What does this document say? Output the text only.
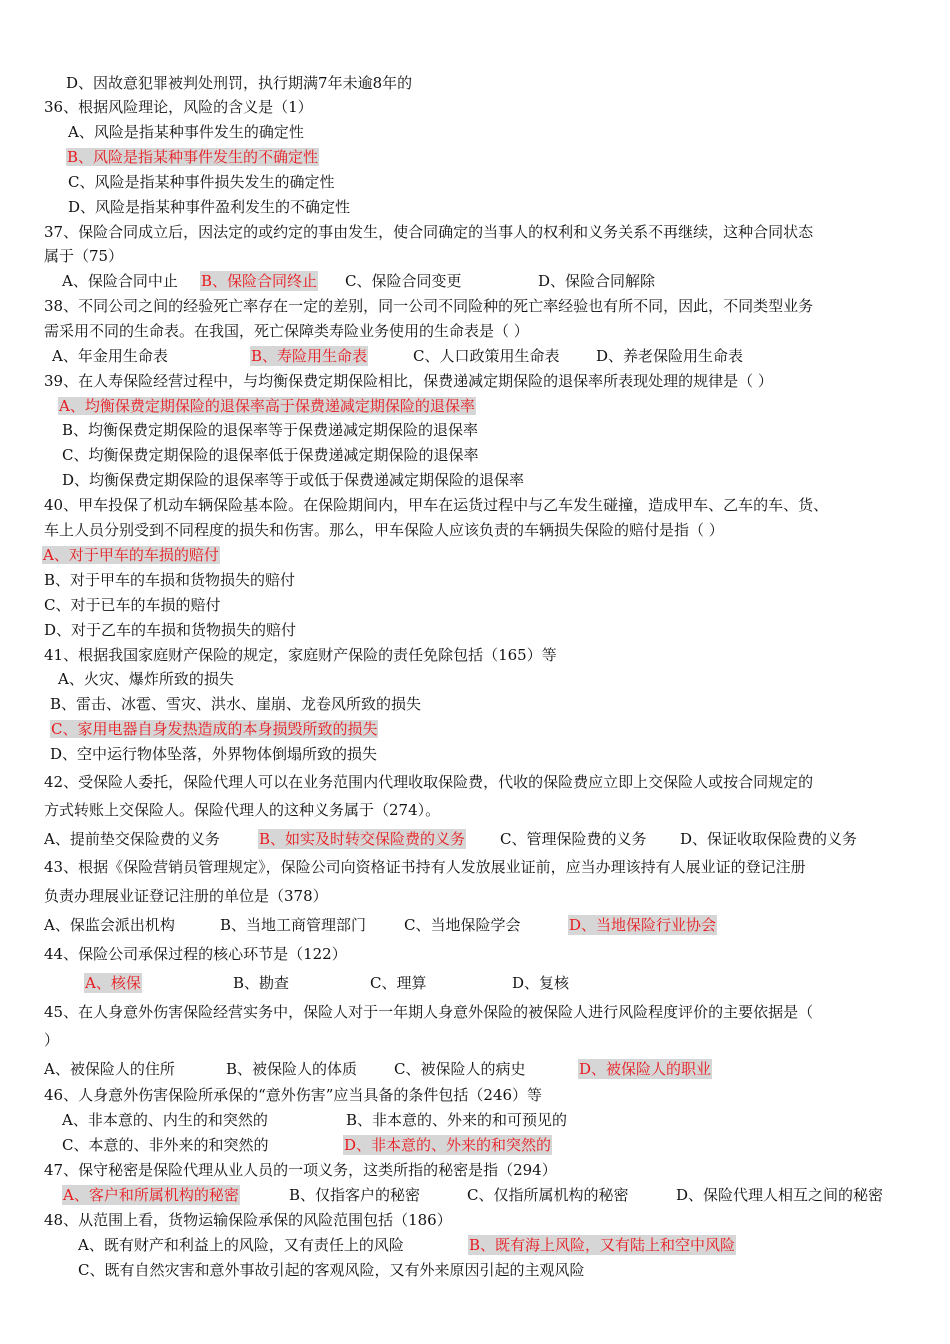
D、因故意犯罪被判处刑罚，执行期满7年未逾8年的
36、根据风险理论，风险的含义是（1）
A、风险是指某种事件发生的确定性
B、风险是指某种事件发生的不确定性
C、风险是指某种事件损失发生的确定性
D、风险是指某种事件盈利发生的不确定性
37、保险合同成立后，因法定的或约定的事由发生，使合同确定的当事人的权利和义务关系不再继续，这种合同状态
属于（75）
A、保险合同中止 B、保险合同终止 C、保险合同变更	D、保险合同解除
38、不同公司之间的经验死亡率存在一定的差别，同一公司不同险种的死亡率经验也有所不同，因此，不同类型业务
需采用不同的生命表。在我国，死亡保障类寿险业务使用的生命表是（ ）
A、年金用生命表	B、寿险用生命表	C、人口政策用生命表 D、养老保险用生命表
39、在人寿保险经营过程中，与均衡保费定期保险相比，保费递减定期保险的退保率所表现处理的规律是（ ）
A、均衡保费定期保险的退保率高于保费递减定期保险的退保率
B、均衡保费定期保险的退保率等于保费递减定期保险的退保率
C、均衡保费定期保险的退保率低于保费递减定期保险的退保率
D、均衡保费定期保险的退保率等于或低于保费递减定期保险的退保率
40、甲车投保了机动车辆保险基本险。在保险期间内，甲车在运货过程中与乙车发生碰撞，造成甲车、乙车的车、货、
车上人员分别受到不同程度的损失和伤害。那么，甲车保险人应该负责的车辆损失保险的赔付是指（ ）
A、对于甲车的车损的赔付
B、对于甲车的车损和货物损失的赔付
C、对于已车的车损的赔付
D、对于乙车的车损和货物损失的赔付
41、根据我国家庭财产保险的规定，家庭财产保险的责任免除包括（165）等
A、火灾、爆炸所致的损失
B、雷击、冰雹、雪灾、洪水、崖崩、龙卷风所致的损失
C、家用电器自身发热造成的本身损毁所致的损失
D、空中运行物体坠落，外界物体倒塌所致的损失
42、受保险人委托，保险代理人可以在业务范围内代理收取保险费，代收的保险费应立即上交保险人或按合同规定的
方式转账上交保险人。保险代理人的这种义务属于（274）。
A、提前垫交保险费的义务	B、如实及时转交保险费的义务 C、管理保险费的义务 D、保证收取保险费的义务
43、根据《保险营销员管理规定》，保险公司向资格证书持有人发放展业证前，应当办理该持有人展业证的登记注册
负责办理展业证登记注册的单位是（378）
A、保监会派出机构	B、当地工商管理部门	C、当地保险学会	D、当地保险行业协会
44、保险公司承保过程的核心环节是（122）
A、核保	B、勘查	C、理算	D、复核
45、在人身意外伤害保险经营实务中，保险人对于一年期人身意外保险的被保险人进行风险程度评价的主要依据是（
）
A、被保险人的住所	B、被保险人的体质 C、被保险人的病史	D、被保险人的职业
46、人身意外伤害保险所承保的“意外伤害”应当具备的条件包括（246）等
A、非本意的、内生的和突然的	B、非本意的、外来的和可预见的
C、本意的、非外来的和突然的	D、非本意的、外来的和突然的
47、保守秘密是保险代理从业人员的一项义务，这类所指的秘密是指（294）
A、客户和所属机构的秘密	B、仅指客户的秘密	C、仅指所属机构的秘密	D、保险代理人相互之间的秘密
48、从范围上看，货物运输保险承保的风险范围包括（186）
A、既有财产和利益上的风险，又有责任上的风险	B、既有海上风险，又有陆上和空中风险
C、既有自然灾害和意外事故引起的客观风险，又有外来原因引起的主观风险
